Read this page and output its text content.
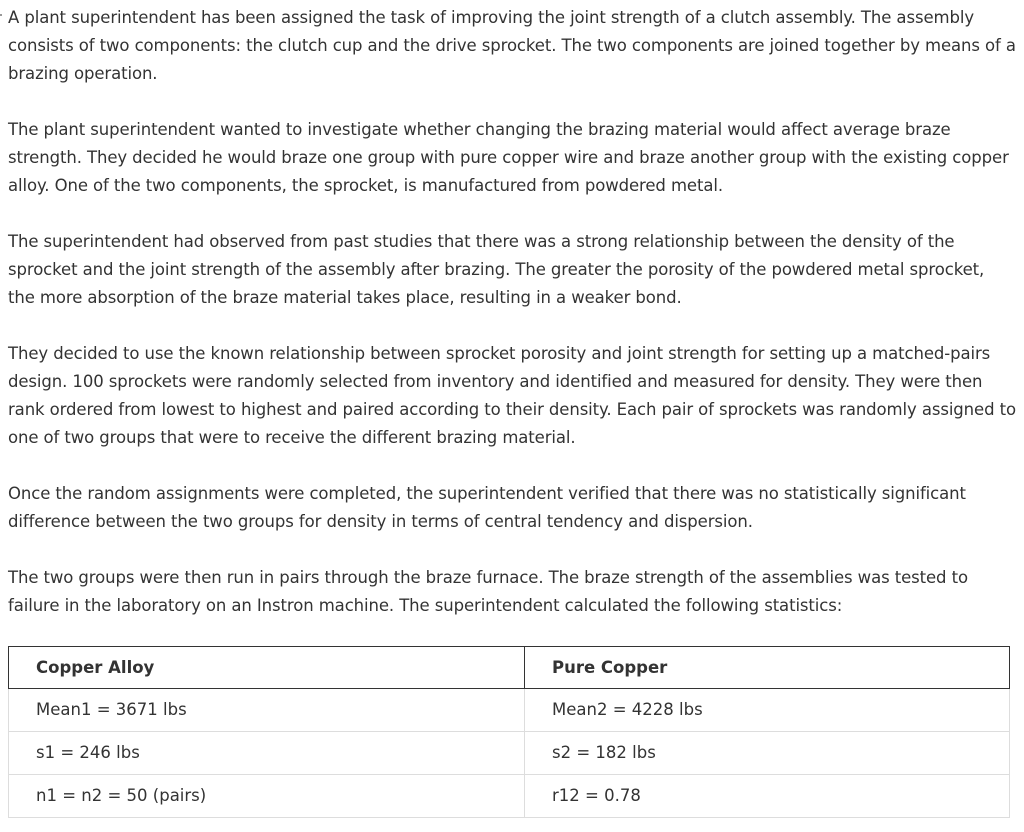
A plant superintendent has been assigned the task of improving the joint strength of a clutch assembly. The assembly consists of two components: the clutch cup and the drive sprocket. The two components are joined together by means of a brazing operation.

The plant superintendent wanted to investigate whether changing the brazing material would affect average braze strength. They decided he would braze one group with pure copper wire and braze another group with the existing copper alloy. One of the two components, the sprocket, is manufactured from powdered metal.

The superintendent had observed from past studies that there was a strong relationship between the density of the sprocket and the joint strength of the assembly after brazing. The greater the porosity of the powdered metal sprocket, the more absorption of the braze material takes place, resulting in a weaker bond.

They decided to use the known relationship between sprocket porosity and joint strength for setting up a matched-pairs design. 100 sprockets were randomly selected from inventory and identified and measured for density. They were then rank ordered from lowest to highest and paired according to their density. Each pair of sprockets was randomly assigned to one of two groups that were to receive the different brazing material.

Once the random assignments were completed, the superintendent verified that there was no statistically significant difference between the two groups for density in terms of central tendency and dispersion.

The two groups were then run in pairs through the braze furnace. The braze strength of the assemblies was tested to failure in the laboratory on an Instron machine. The superintendent calculated the following statistics:

Copper Alloy	Pure Copper
Mean1 = 3671 lbs	Mean2 = 4228 lbs
s1 = 246 lbs	s2 = 182 lbs
n1 = n2 = 50 (pairs)	r12 = 0.78
